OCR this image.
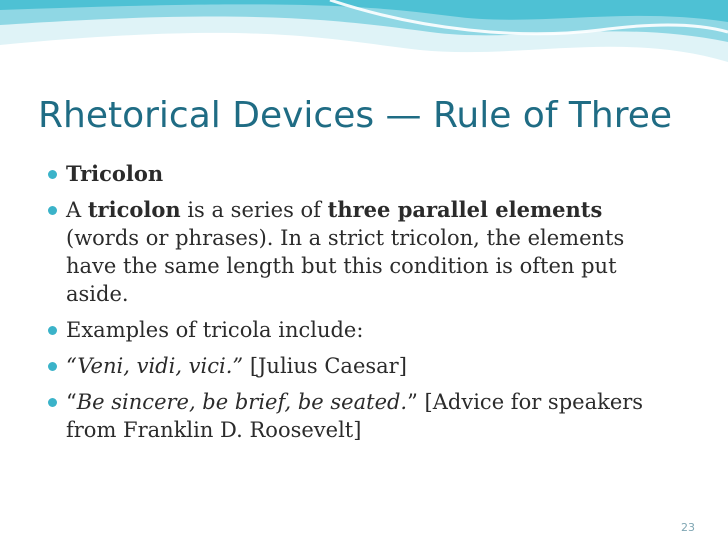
Rhetorical Devices — Rule of Three
Tricolon
A tricolon is a series of three parallel elements
(words or phrases). In a strict tricolon, the elements
have the same length but this condition is often put
aside.
Examples of tricola include:
“Veni, vidi, vici.” [Julius Caesar]
“Be sincere, be brief, be seated.” [Advice for speakers
from Franklin D. Roosevelt]
23
